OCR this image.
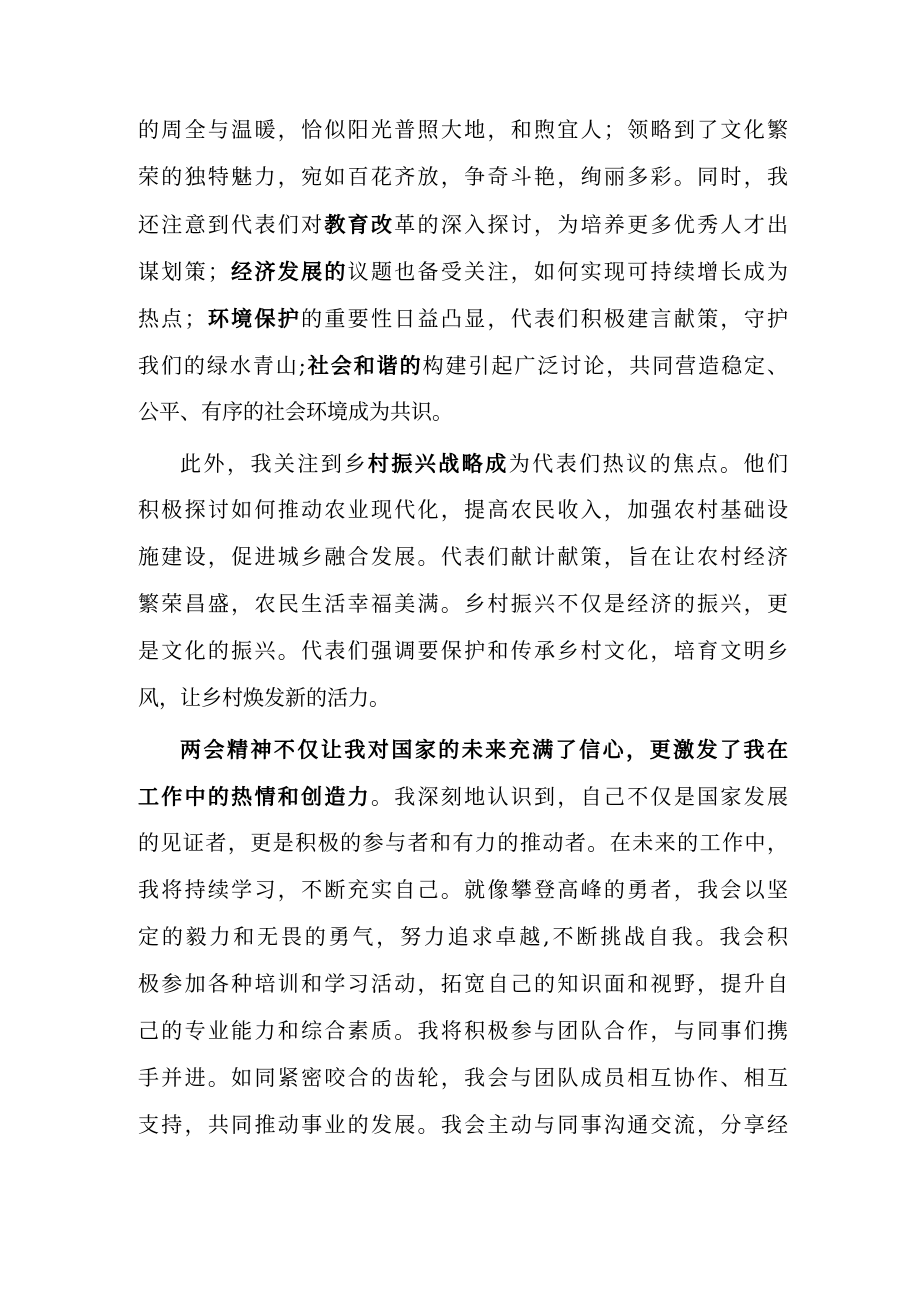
的周全与温暖，恰似阳光普照大地，和煦宜人；领略到了文化繁
荣的独特魅力，宛如百花齐放，争奇斗艳，绚丽多彩。同时，我
还注意到代表们对教育改革的深入探讨，为培养更多优秀人才出
谋划策；经济发展的议题也备受关注，如何实现可持续增长成为
热点；环境保护的重要性日益凸显，代表们积极建言献策，守护
我们的绿水青山;社会和谐的构建引起广泛讨论，共同营造稳定、
公平、有序的社会环境成为共识。
此外，我关注到乡村振兴战略成为代表们热议的焦点。他们
积极探讨如何推动农业现代化，提高农民收入，加强农村基础设
施建设，促进城乡融合发展。代表们献计献策，旨在让农村经济
繁荣昌盛，农民生活幸福美满。乡村振兴不仅是经济的振兴，更
是文化的振兴。代表们强调要保护和传承乡村文化，培育文明乡
风，让乡村焕发新的活力。
两会精神不仅让我对国家的未来充满了信心，更激发了我在
工作中的热情和创造力。我深刻地认识到，自己不仅是国家发展
的见证者，更是积极的参与者和有力的推动者。在未来的工作中，
我将持续学习，不断充实自己。就像攀登高峰的勇者，我会以坚
定的毅力和无畏的勇气，努力追求卓越,不断挑战自我。我会积
极参加各种培训和学习活动，拓宽自己的知识面和视野，提升自
己的专业能力和综合素质。我将积极参与团队合作，与同事们携
手并进。如同紧密咬合的齿轮，我会与团队成员相互协作、相互
支持，共同推动事业的发展。我会主动与同事沟通交流，分享经
